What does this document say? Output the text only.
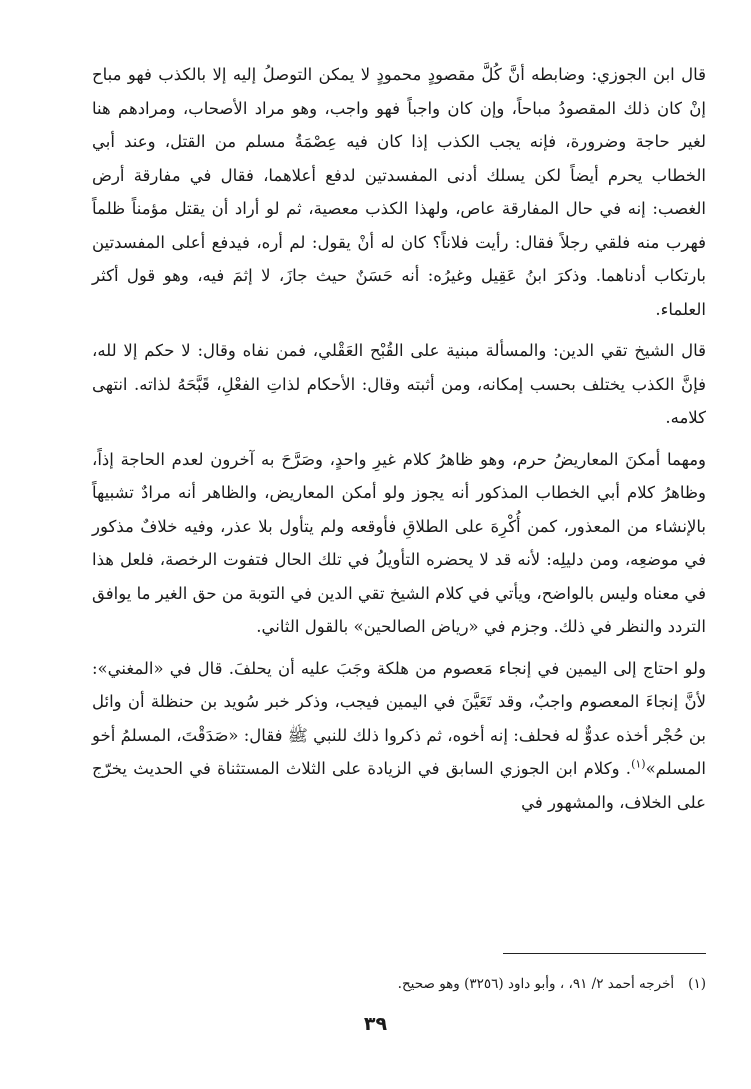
قال ابن الجوزي: وضابطه أنَّ كُلَّ مقصودٍ محمودٍ لا يمكن التوصلُ إليه إلا بالكذب فهو مباح إنْ كان ذلك المقصودُ مباحاً، وإن كان واجباً فهو واجب، وهو مراد الأصحاب، ومرادهم هنا لغير حاجة وضرورة، فإنه يجب الكذب إذا كان فيه عِصْمَةُ مسلم من القتل، وعند أبي الخطاب يحرم أيضاً لكن يسلك أدنى المفسدتين لدفع أعلاهما، فقال في مفارقة أرض الغصب: إنه في حال المفارقة عاص، ولهذا الكذب معصية، ثم لو أراد أن يقتل مؤمناً ظلماً فهرب منه فلقي رجلاً فقال: رأيت فلاناً؟ كان له أنْ يقول: لم أره، فيدفع أعلى المفسدتين بارتكاب أدناهما. وذكرَ ابنُ عَقِيل وغيرُه: أنه حَسَنٌ حيث جازَ، لا إثمَ فيه، وهو قول أكثر العلماء.

قال الشيخ تقي الدين: والمسألة مبنية على القُبْح العَقْلي، فمن نفاه وقال: لا حكم إلا لله، فإنَّ الكذب يختلف بحسب إمكانه، ومن أثبته وقال: الأحكام لذاتِ الفعْلِ، قَبَّحَهُ لذاته. انتهى كلامه.

ومهما أمكنَ المعاريضُ حرم، وهو ظاهرُ كلام غيرِ واحدٍ، وصَرَّحَ به آخرون لعدم الحاجة إذاً، وظاهرُ كلام أبي الخطاب المذكور أنه يجوز ولو أمكن المعاريض، والظاهر أنه مرادٌ تشبيهاً بالإنشاء من المعذور، كمن أُكْرِهَ على الطلاقِ فأوقعه ولم يتأول بلا عذر، وفيه خلافٌ مذكور في موضعِه، ومن دليلِه: لأنه قد لا يحضره التأويلُ في تلك الحال فتفوت الرخصة، فلعل هذا في معناه وليس بالواضح، ويأتي في كلام الشيخ تقي الدين في التوبة من حق الغير ما يوافق التردد والنظر في ذلك. وجزم في «رياض الصالحين» بالقول الثاني.

ولو احتاج إلى اليمين في إنجاء مَعصوم من هلكة وجَبَ عليه أن يحلفَ. قال في «المغني»: لأنَّ إنجاءَ المعصوم واجبٌ، وقد تَعَيَّنَ في اليمين فيجب، وذكر خبر سُويد بن حنظلة أن وائل بن حُجْر أخذه عدوٌّ له فحلف: إنه أخوه، ثم ذكروا ذلك للنبي ﷺ فقال: «صَدَقْتَ، المسلمُ أخو المسلم»$^{(١)}$. وكلام ابن الجوزي السابق في الزيادة على الثلاث المستثناة في الحديث يخرّج على الخلاف، والمشهور في

(١)أخرجه أحمد ٢/ ٩١، ، وأبو داود (٣٢٥٦) وهو صحيح.
٣٩
